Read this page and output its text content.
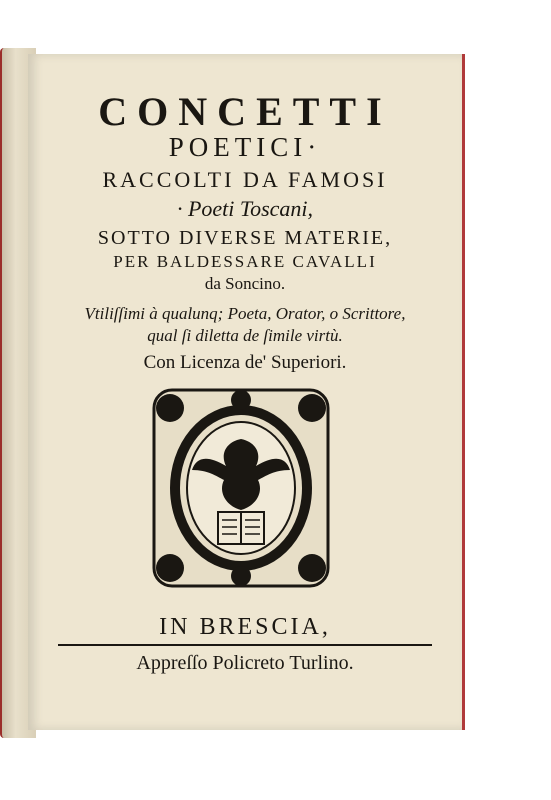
CONCETTI
POETICI·
RACCOLTI DA FAMOSI
· Poeti Toscani,
SOTTO DIVERSE MATERIE,
PER BALDESSARE CAVALLI
da Soncino.
Vtiliſſimi à qualunq; Poeta, Orator, o Scrittore,
qual ſi diletta de ſimile virtù.
Con Licenza de' Superiori.
IN BRESCIA,
Appreſſo Policreto Turlino.
